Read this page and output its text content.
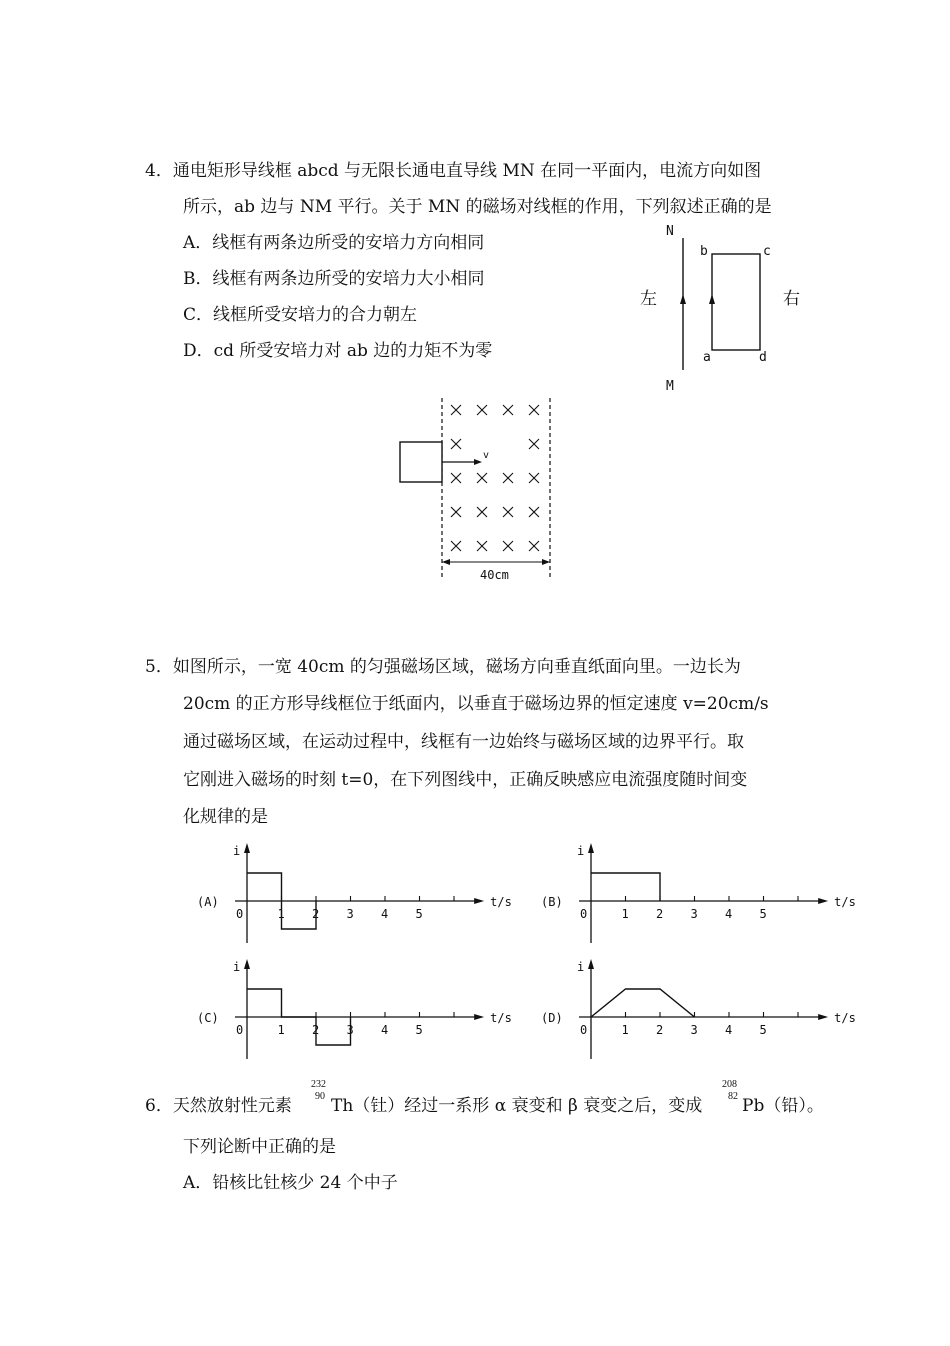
4．通电矩形导线框 abcd 与无限长通电直导线 MN 在同一平面内，电流方向如图
所示，ab 边与 NM 平行。关于 MN 的磁场对线框的作用，下列叙述正确的是
A．线框有两条边所受的安培力方向相同
B．线框有两条边所受的安培力大小相同
C．线框所受安培力的合力朝左
D．cd 所受安培力对 ab 边的力矩不为零
N
M
b	c
a	d
左	右
v
40cm
5．如图所示，一宽 40cm 的匀强磁场区域，磁场方向垂直纸面向里。一边长为
20cm 的正方形导线框位于纸面内，以垂直于磁场边界的恒定速度 v=20cm/s
通过磁场区域，在运动过程中，线框有一边始终与磁场区域的边界平行。取
它刚进入磁场的时刻 t=0，在下列图线中，正确反映感应电流强度随时间变
化规律的是
1 2 3 4 5
0
i
t/s
(A)
1 2 3 4 5
0
i
t/s
(B)
1 2 3 4 5
0
i
t/s
(C)
1 2 3 4 5
0
i
t/s
(D)
6．天然放射性元素
232
90 Th（钍）经过一系形 α 衰变和 β 衰变之后，变成
208
82 Pb（铅）。
下列论断中正确的是
A．铅核比钍核少 24 个中子
